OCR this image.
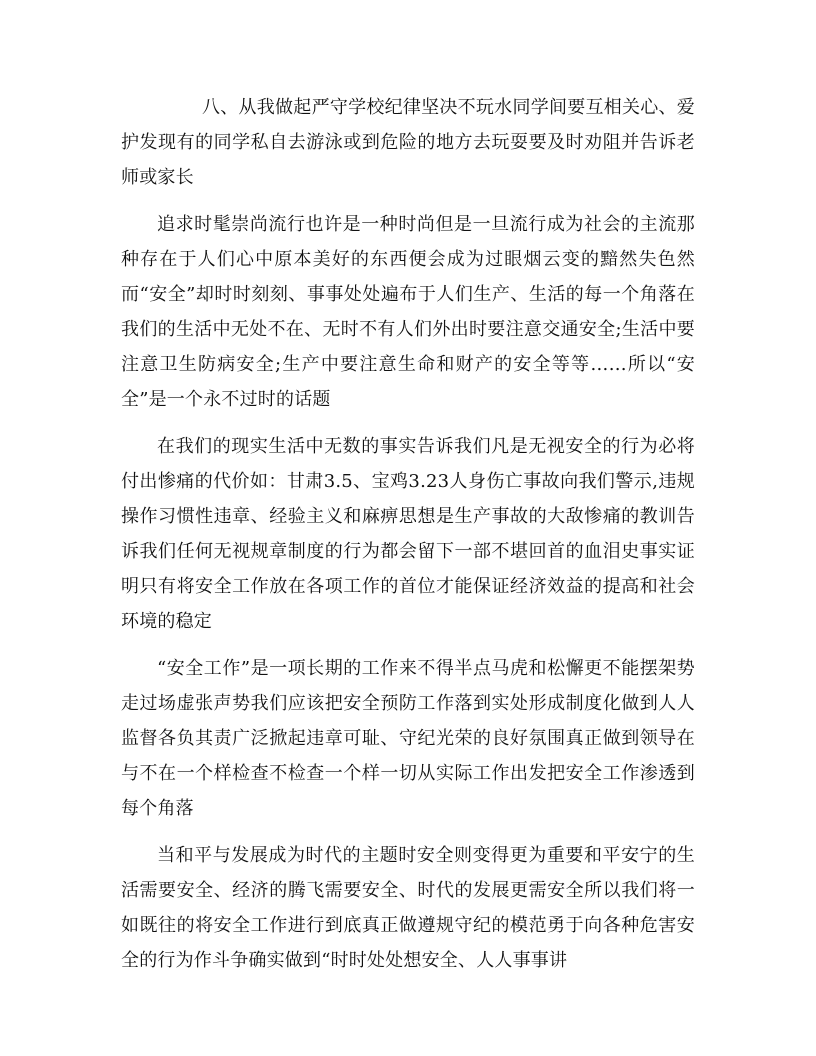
八、从我做起严守学校纪律坚决不玩水同学间要互相关心、爱护发现有的同学私自去游泳或到危险的地方去玩耍要及时劝阻并告诉老师或家长

追求时髦崇尚流行也许是一种时尚但是一旦流行成为社会的主流那种存在于人们心中原本美好的东西便会成为过眼烟云变的黯然失色然而“安全”却时时刻刻、事事处处遍布于人们生产、生活的每一个角落在我们的生活中无处不在、无时不有人们外出时要注意交通安全;生活中要注意卫生防病安全;生产中要注意生命和财产的安全等等……所以“安全”是一个永不过时的话题

在我们的现实生活中无数的事实告诉我们凡是无视安全的行为必将付出惨痛的代价如：甘肃3.5、宝鸡3.23人身伤亡事故向我们警示,违规操作习惯性违章、经验主义和麻痹思想是生产事故的大敌惨痛的教训告诉我们任何无视规章制度的行为都会留下一部不堪回首的血泪史事实证明只有将安全工作放在各项工作的首位才能保证经济效益的提高和社会环境的稳定

“安全工作”是一项长期的工作来不得半点马虎和松懈更不能摆架势走过场虚张声势我们应该把安全预防工作落到实处形成制度化做到人人监督各负其责广泛掀起违章可耻、守纪光荣的良好氛围真正做到领导在与不在一个样检查不检查一个样一切从实际工作出发把安全工作渗透到每个角落

当和平与发展成为时代的主题时安全则变得更为重要和平安宁的生活需要安全、经济的腾飞需要安全、时代的发展更需安全所以我们将一如既往的将安全工作进行到底真正做遵规守纪的模范勇于向各种危害安全的行为作斗争确实做到“时时处处想安全、人人事事讲
